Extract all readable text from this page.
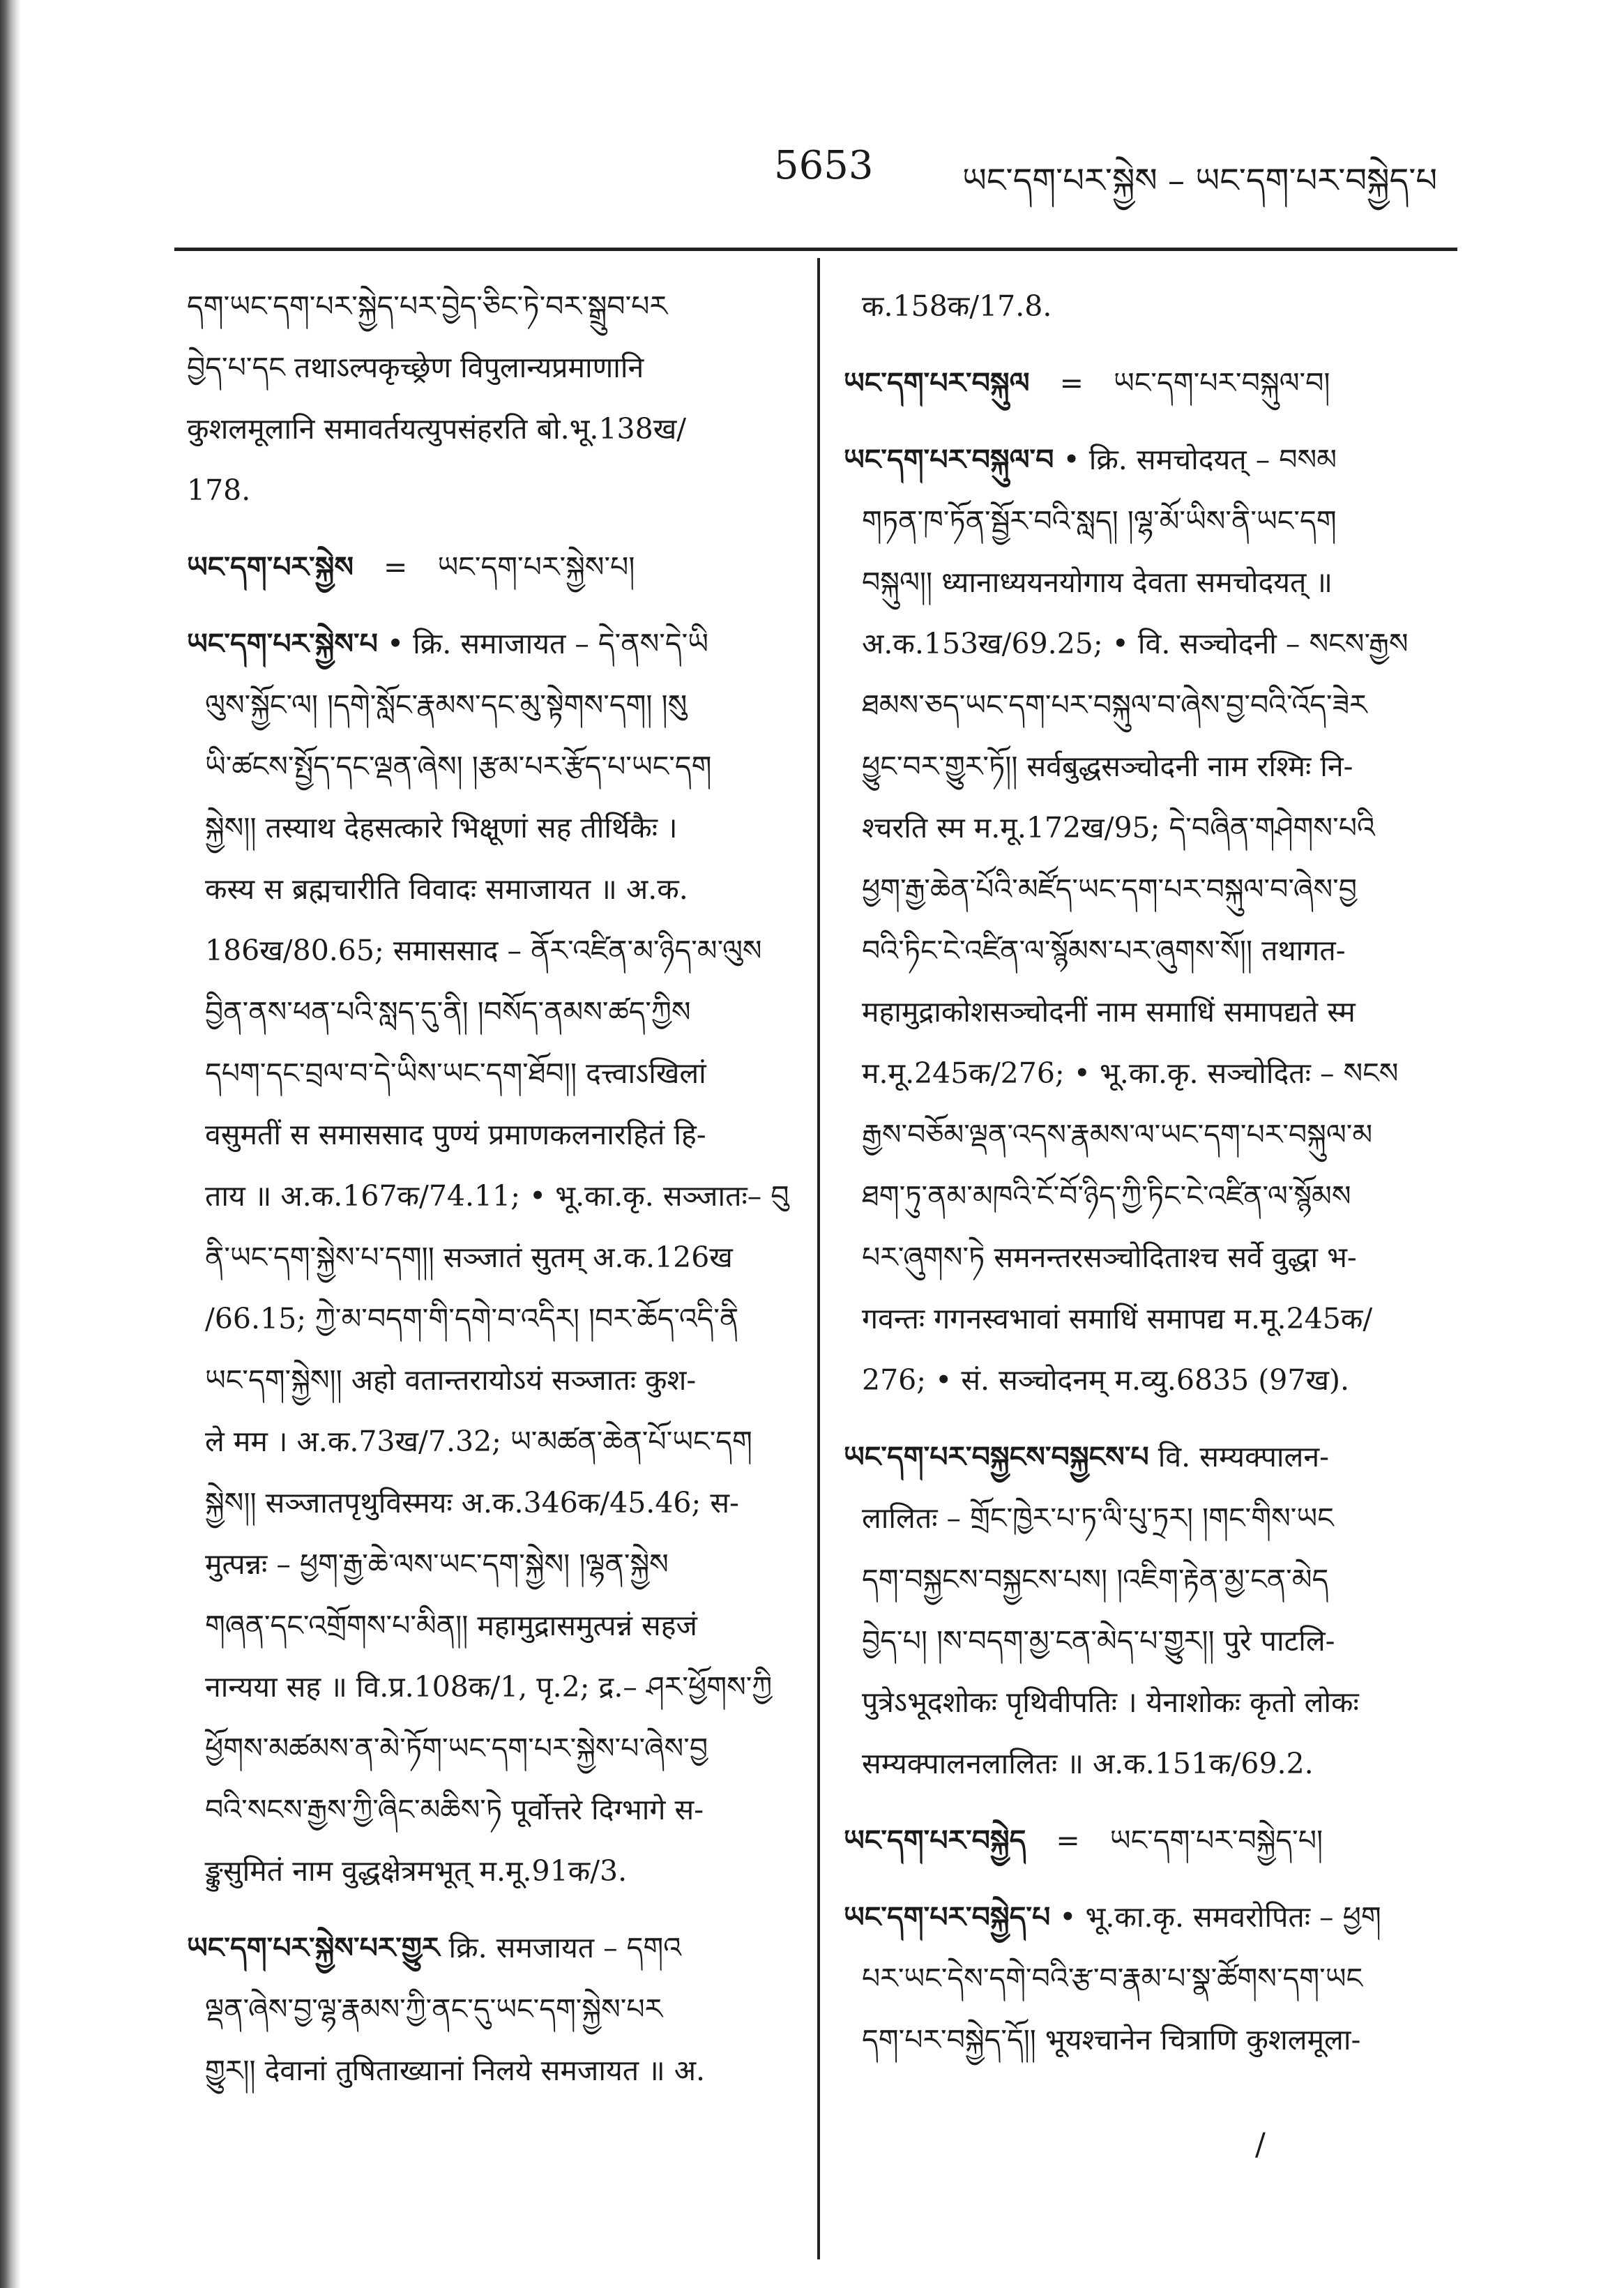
5653	ཡང་དག་པར་སྐྱེས – ཡང་དག་པར་བསྐྱེད་པ
དག་ཡང་དག་པར་སྐྱེད་པར་བྱེད་ཅིང་ཏེ་བར་སྒྲུབ་པར
བྱེད་པ་དང तथाऽल्पकृच्छ्रेण विपुलान्यप्रमाणानि
कुशलमूलानि समावर्तयत्युपसंहरति बो.भू.138ख/
178.
ཡང་དག་པར་སྐྱེས = ཡང་དག་པར་སྐྱེས་པ།
ཡང་དག་པར་སྐྱེས་པ • क्रि. समाजायत – དེ་ནས་དེ་ཡི
ལུས་སྐྱོང་ལ། །དགེ་སློང་རྣམས་དང་མུ་སྟེགས་དག། །སུ
ཡི་ཚངས་སྤྱོད་དང་ལྡན་ཞེས། །རྩམ་པར་རྩོད་པ་ཡང་དག
སྐྱེས།། तस्याथ देहसत्कारे भिक्षूणां सह तीर्थिकैः ।
कस्य स ब्रह्मचारीति विवादः समाजायत ॥ अ.क.
186ख/80.65; समाससाद – ནོར་འཛིན་མ་ཉིད་མ་ལུས
བྱིན་ནས་ཕན་པའི་སླད་དུ་ནི། །བསོད་ནམས་ཚད་ཀྱིས
དཔག་དང་བྲལ་བ་དེ་ཡིས་ཡང་དག་ཐོབ།། दत्त्वाऽखिलां
वसुमतीं स समाससाद पुण्यं प्रमाणकलनारहितं हि-
ताय ॥ अ.क.167क/74.11; • भू.का.कृ. सञ्जातः– བུ
ནི་ཡང་དག་སྐྱེས་པ་དག།། सञ्जातं सुतम् अ.क.126ख
/66.15; ཀྱེ་མ་བདག་གི་དགེ་བ་འདིར། །བར་ཆོད་འདི་ནི
ཡང་དག་སྐྱེས།། अहो वतान्तरायोऽयं सञ्जातः कुश-
ले मम । अ.क.73ख/7.32; ཡ་མཚན་ཆེན་པོ་ཡང་དག
སྐྱེས།། सञ्जातपृथुविस्मयः अ.क.346क/45.46; स-
मुत्पन्नः – ཕྱག་རྒྱ་ཆེ་ལས་ཡང་དག་སྐྱེས། །ལྷན་སྐྱེས
གཞན་དང་འགྲོགས་པ་མིན།། महामुद्रासमुत्पन्नं सहजं
नान्यया सह ॥ वि.प्र.108क/1, पृ.2; द्र.– ཤར་ཕྱོགས་ཀྱི
ཕྱོགས་མཚམས་ན་མེ་ཏོག་ཡང་དག་པར་སྐྱེས་པ་ཞེས་བྱ
བའི་སངས་རྒྱས་ཀྱི་ཞིང་མཆིས་ཏེ पूर्वोत्तरे दिग्भागे स-
ङ्कुसुमितं नाम वुद्धक्षेत्रमभूत् म.मू.91क/3.
ཡང་དག་པར་སྐྱེས་པར་གྱུར क्रि. समजायत – དགའ
ལྡན་ཞེས་བྱ་ལྷ་རྣམས་ཀྱི་ནང་དུ་ཡང་དག་སྐྱེས་པར
གྱུར།། देवानां तुषिताख्यानां निलये समजायत ॥ अ.
क.158क/17.8.
ཡང་དག་པར་བསྐུལ = ཡང་དག་པར་བསྐུལ་བ།
ཡང་དག་པར་བསྐུལ་བ • क्रि. समचोदयत् – བསམ
གཏན་ཁ་ཏོན་སྦྱོར་བའི་སླད། །ལྷ་མོ་ཡིས་ནི་ཡང་དག
བསྐུལ།། ध्यानाध्ययनयोगाय देवता समचोदयत् ॥
अ.क.153ख/69.25; • वि. सञ्चोदनी – སངས་རྒྱས
ཐམས་ཅད་ཡང་དག་པར་བསྐུལ་བ་ཞེས་བྱ་བའི་འོད་ཟེར
ཕྱུང་བར་གྱུར་ཏོ།། सर्वबुद्धसञ्चोदनी नाम रश्मिः नि-
श्चरति स्म म.मू.172ख/95; དེ་བཞིན་གཤེགས་པའི
ཕྱག་རྒྱ་ཆེན་པོའི་མཛོད་ཡང་དག་པར་བསྐུལ་བ་ཞེས་བྱ
བའི་ཏིང་ངེ་འཛིན་ལ་སྙོམས་པར་ཞུགས་སོ།། तथागत-
महामुद्राकोशसञ्चोदनीं नाम समाधिं समापद्यते स्म
म.मू.245क/276; • भू.का.कृ. सञ्चोदितः – སངས
རྒྱས་བཅོམ་ལྡན་འདས་རྣམས་ལ་ཡང་དག་པར་བསྐུལ་མ
ཐག་ཏུ་ནམ་མཁའི་ངོ་བོ་ཉིད་ཀྱི་ཏིང་ངེ་འཛིན་ལ་སྙོམས
པར་ཞུགས་ཏེ समनन्तरसञ्चोदिताश्च सर्वे वुद्धा भ-
गवन्तः गगनस्वभावां समाधिं समापद्य म.मू.245क/
276; • सं. सञ्चोदनम् म.व्यु.6835 (97ख).
ཡང་དག་པར་བསྐྱངས་བསྐྱངས་པ वि. सम्यक्पालन-
लालितः – གྲོང་ཁྱེར་པ་ཏ་ལི་པུ་ཏྲར། །གང་གིས་ཡང
དག་བསྐྱངས་བསྐྱངས་པས། །འཇིག་རྟེན་མྱ་ངན་མེད
བྱེད་པ། །ས་བདག་མྱ་ངན་མེད་པ་གྱུར།། पुरे पाटलि-
पुत्रेऽभूदशोकः पृथिवीपतिः । येनाशोकः कृतो लोकः
सम्यक्पालनलालितः ॥ अ.क.151क/69.2.
ཡང་དག་པར་བསྐྱེད = ཡང་དག་པར་བསྐྱེད་པ།
ཡང་དག་པར་བསྐྱེད་པ • भू.का.कृ. समवरोपितः – ཕྱག
པར་ཡང་དེས་དགེ་བའི་རྩ་བ་རྣམ་པ་སྣ་ཚོགས་དག་ཡང
དག་པར་བསྐྱེད་དོ།། भूयश्चानेन चित्राणि कुशलमूला-
/
